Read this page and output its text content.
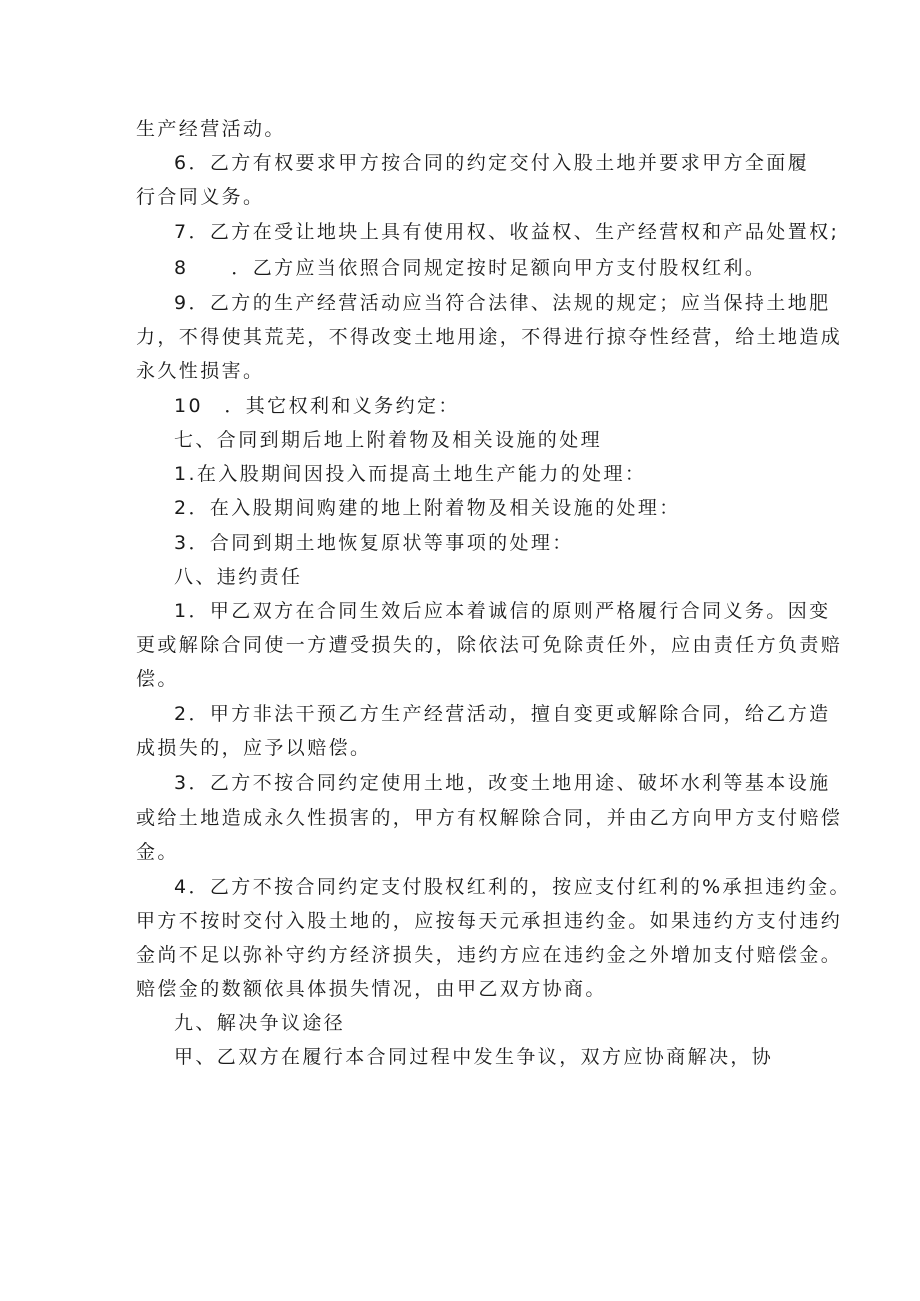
生产经营活动。
6．乙方有权要求甲方按合同的约定交付入股土地并要求甲方全面履
行合同义务。
7．乙方在受让地块上具有使用权、收益权、生产经营权和产品处置权;
8　　．乙方应当依照合同规定按时足额向甲方支付股权红利。
9．乙方的生产经营活动应当符合法律、法规的规定；应当保持土地肥
力，不得使其荒芜，不得改变土地用途，不得进行掠夺性经营，给土地造成
永久性损害。
10　．其它权利和义务约定：
七、合同到期后地上附着物及相关设施的处理
1.在入股期间因投入而提高土地生产能力的处理：
2．在入股期间购建的地上附着物及相关设施的处理：
3．合同到期土地恢复原状等事项的处理：
八、违约责任
1．甲乙双方在合同生效后应本着诚信的原则严格履行合同义务。因变
更或解除合同使一方遭受损失的，除依法可免除责任外，应由责任方负责赔
偿。
2．甲方非法干预乙方生产经营活动，擅自变更或解除合同，给乙方造
成损失的，应予以赔偿。
3．乙方不按合同约定使用土地，改变土地用途、破坏水利等基本设施
或给土地造成永久性损害的，甲方有权解除合同，并由乙方向甲方支付赔偿
金。
4．乙方不按合同约定支付股权红利的，按应支付红利的%承担违约金。
甲方不按时交付入股土地的，应按每天元承担违约金。如果违约方支付违约
金尚不足以弥补守约方经济损失，违约方应在违约金之外增加支付赔偿金。
赔偿金的数额依具体损失情况，由甲乙双方协商。
九、解决争议途径
甲、乙双方在履行本合同过程中发生争议，双方应协商解决，协
